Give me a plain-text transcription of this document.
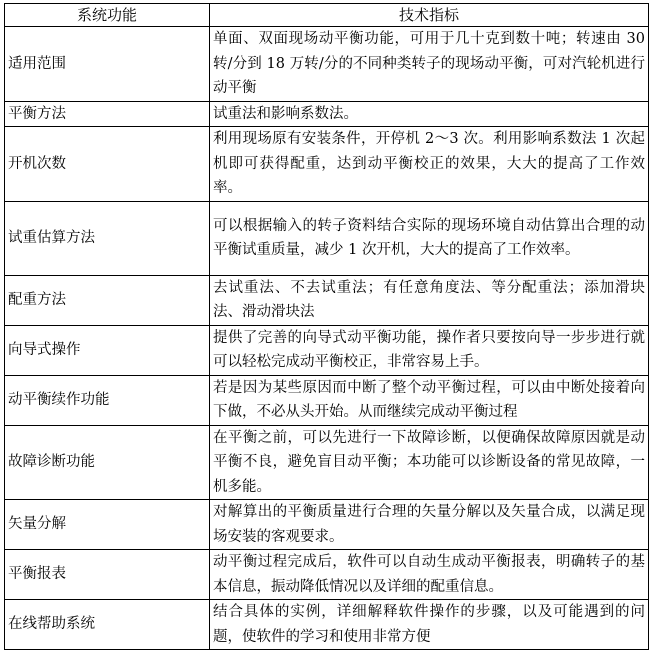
系统功能	技术指标
适用范围	单面、双面现场动平衡功能，可用于几十克到数十吨；转速由 30 转/分到 18 万转/分的不同种类转子的现场动平衡，可对汽轮机进行动平衡
平衡方法	试重法和影响系数法。
开机次数	利用现场原有安装条件，开停机 2～3 次。利用影响系数法 1 次起机即可获得配重，达到动平衡校正的效果，大大的提高了工作效率。
试重估算方法	可以根据输入的转子资料结合实际的现场环境自动估算出合理的动平衡试重质量，减少 1 次开机，大大的提高了工作效率。
配重方法	去试重法、不去试重法；有任意角度法、等分配重法；添加滑块法、滑动滑块法
向导式操作	提供了完善的向导式动平衡功能，操作者只要按向导一步步进行就可以轻松完成动平衡校正，非常容易上手。
动平衡续作功能	若是因为某些原因而中断了整个动平衡过程，可以由中断处接着向下做，不必从头开始。从而继续完成动平衡过程
故障诊断功能	在平衡之前，可以先进行一下故障诊断，以便确保故障原因就是动平衡不良，避免盲目动平衡；本功能可以诊断设备的常见故障，一机多能。
矢量分解	对解算出的平衡质量进行合理的矢量分解以及矢量合成，以满足现场安装的客观要求。
平衡报表	动平衡过程完成后，软件可以自动生成动平衡报表，明确转子的基本信息，振动降低情况以及详细的配重信息。
在线帮助系统	结合具体的实例，详细解释软件操作的步骤，以及可能遇到的问题，使软件的学习和使用非常方便
